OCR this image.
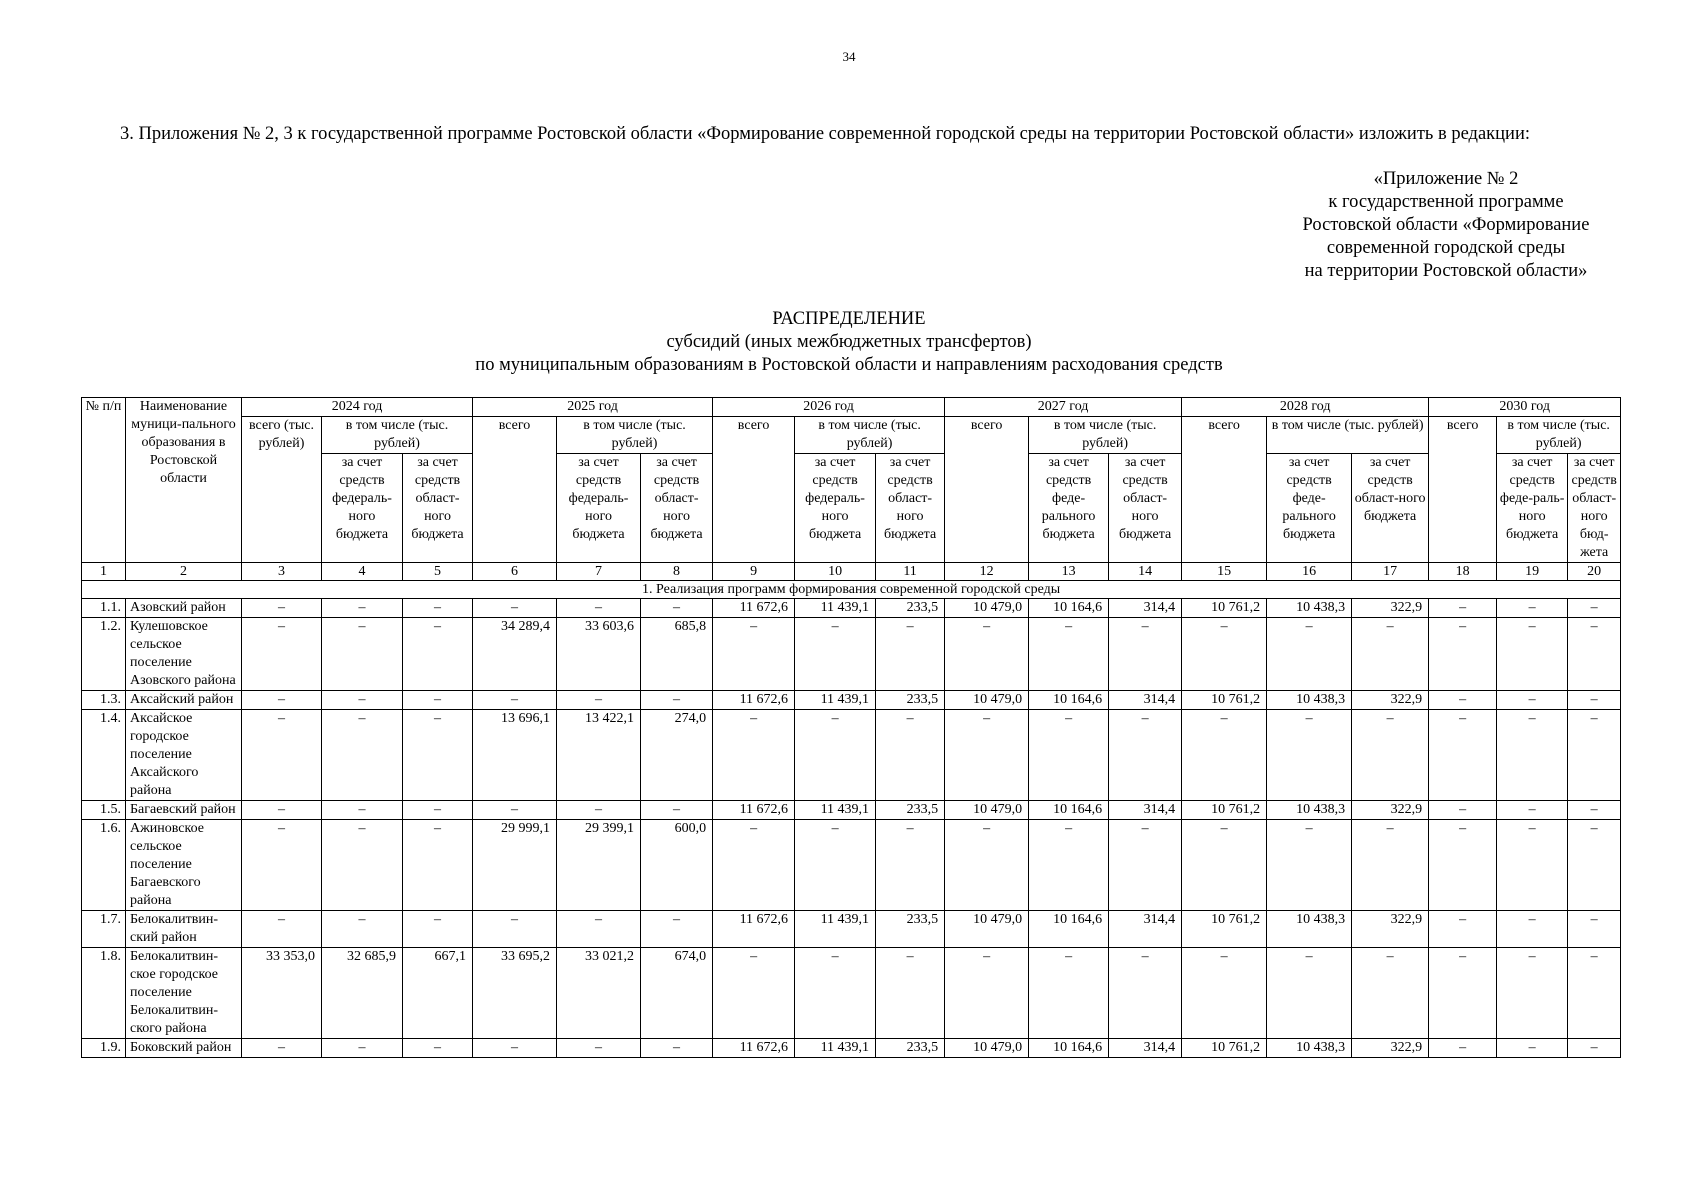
34

3. Приложения № 2, 3 к государственной программе Ростовской области «Формирование современной городской среды на территории Ростовской области» изложить в редакции:

«Приложение № 2
к государственной программе
Ростовской области «Формирование
современной городской среды
на территории Ростовской области»
РАСПРЕДЕЛЕНИЕ
субсидий (иных межбюджетных трансфертов)
по муниципальным образованиям в Ростовской области и направлениям расходования средств
№ п/п	Наименование муници-пального образования в Ростовской области	2024 год			2025 год			2026 год			2027 год			2028 год			2030 год		
		всего (тыс. рублей)	в том числе (тыс. рублей)		всего	в том числе (тыс. рублей)		всего	в том числе (тыс. рублей)		всего	в том числе (тыс. рублей)		всего	в том числе (тыс. рублей)		всего	в том числе (тыс. рублей)	
			за счет средств федераль-ного бюджета	за счет средств област-ного бюджета		за счет средств федераль-ного бюджета	за счет средств област-ного бюджета		за счет средств федераль-ного бюджета	за счет средств област-ного бюджета		за счет средств феде-рального бюджета	за счет средств област-ного бюджета		за счет средств феде-рального бюджета	за счет средств област-ного бюджета		за счет средств феде-раль-ного бюджета	за счет средств област-ного бюд-жета
1	2	3	4	5	6	7	8	9	10	11	12	13	14	15	16	17	18	19	20
1. Реализация программ формирования современной городской среды																			
1.1.	Азовский район	–	–	–	–	–	–	11 672,6	11 439,1	233,5	10 479,0	10 164,6	314,4	10 761,2	10 438,3	322,9	–	–	–
1.2.	Кулешовское сельское поселение Азовского района	–	–	–	34 289,4	33 603,6	685,8	–	–	–	–	–	–	–	–	–	–	–	–
1.3.	Аксайский район	–	–	–	–	–	–	11 672,6	11 439,1	233,5	10 479,0	10 164,6	314,4	10 761,2	10 438,3	322,9	–	–	–
1.4.	Аксайское городское поселение Аксайского района	–	–	–	13 696,1	13 422,1	274,0	–	–	–	–	–	–	–	–	–	–	–	–
1.5.	Багаевский район	–	–	–	–	–	–	11 672,6	11 439,1	233,5	10 479,0	10 164,6	314,4	10 761,2	10 438,3	322,9	–	–	–
1.6.	Ажиновское сельское поселение Багаевского района	–	–	–	29 999,1	29 399,1	600,0	–	–	–	–	–	–	–	–	–	–	–	–
1.7.	Белокалитвин-ский район	–	–	–	–	–	–	11 672,6	11 439,1	233,5	10 479,0	10 164,6	314,4	10 761,2	10 438,3	322,9	–	–	–
1.8.	Белокалитвин-ское городское поселение Белокалитвин-ского района	33 353,0	32 685,9	667,1	33 695,2	33 021,2	674,0	–	–	–	–	–	–	–	–	–	–	–	–
1.9.	Боковский район	–	–	–	–	–	–	11 672,6	11 439,1	233,5	10 479,0	10 164,6	314,4	10 761,2	10 438,3	322,9	–	–	–
